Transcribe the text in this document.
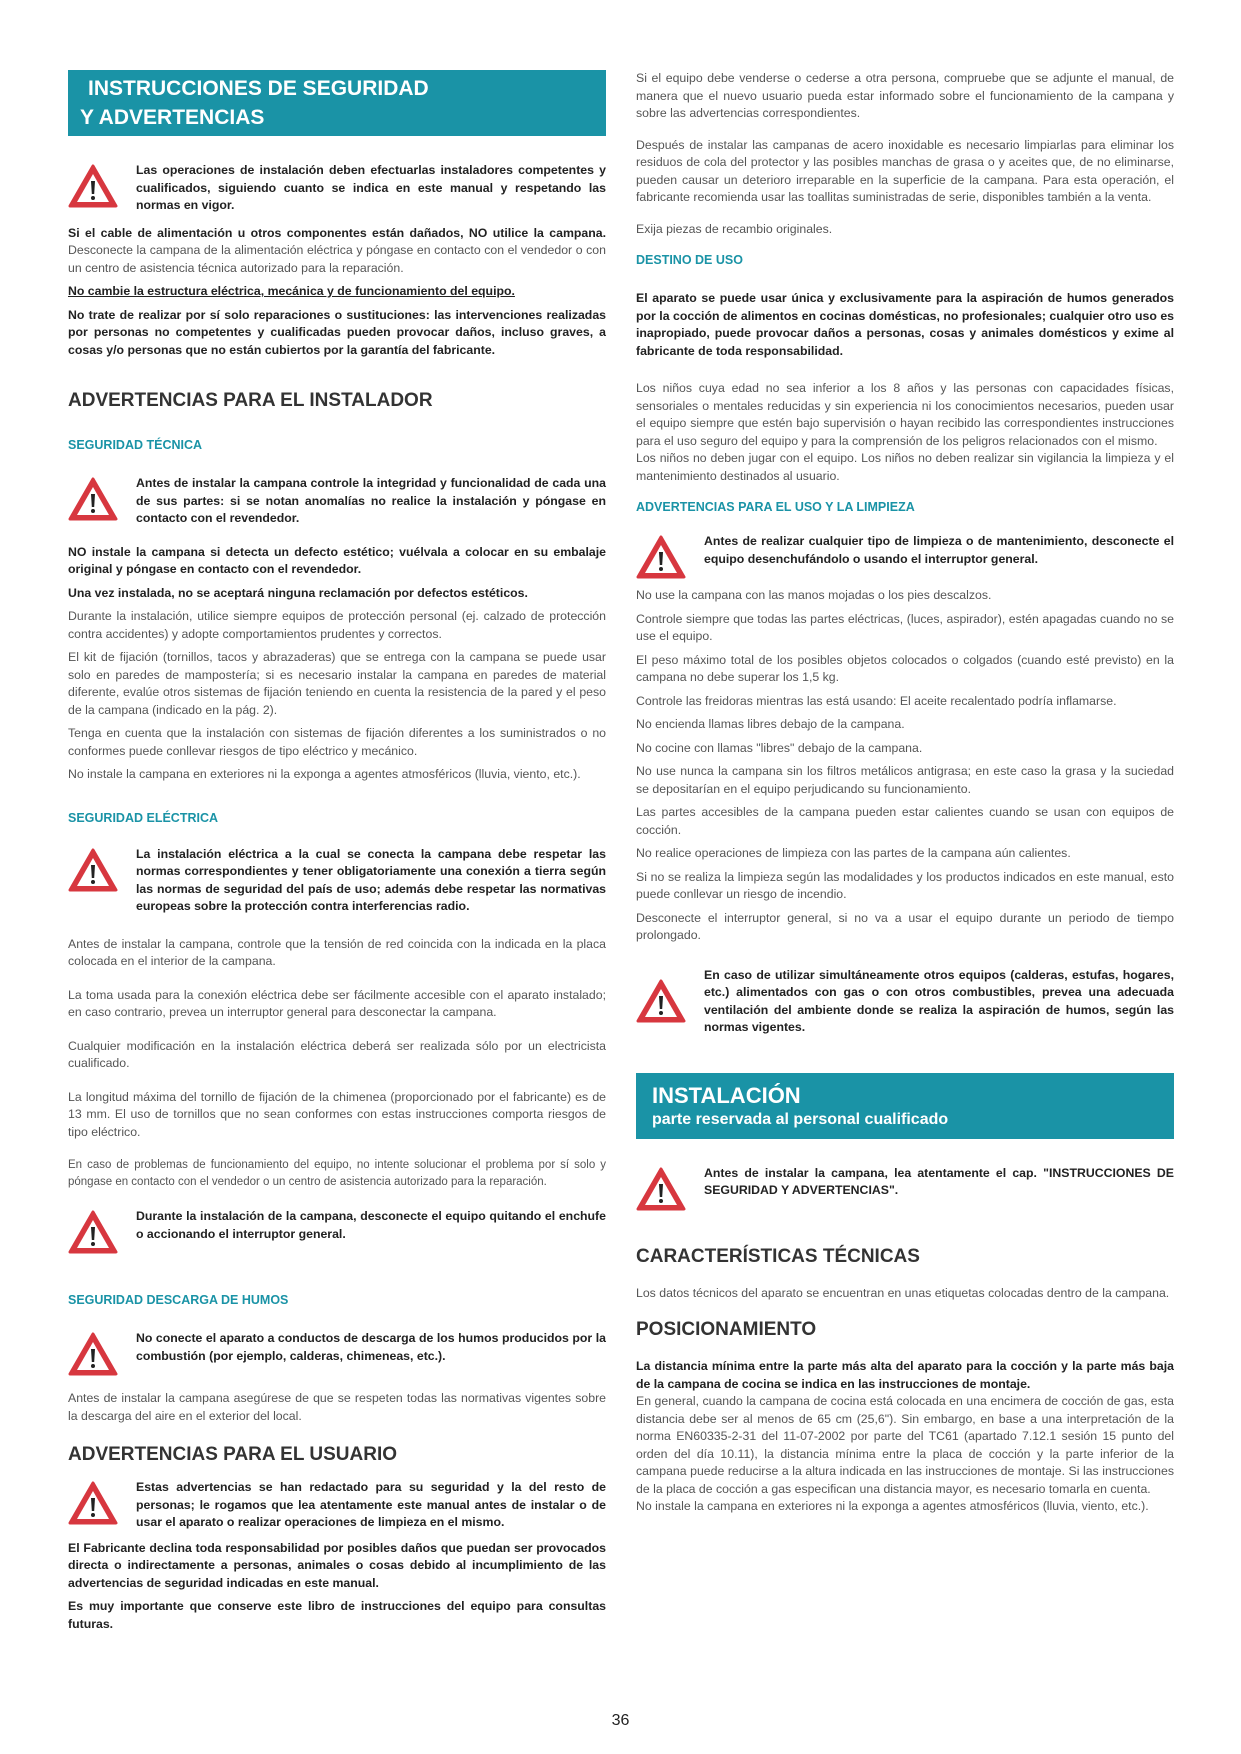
INSTRUCCIONES DE SEGURIDAD
Y ADVERTENCIAS

Las operaciones de instalación deben efectuarlas instaladores competentes y cualificados, siguiendo cuanto se indica en este manual y respetando las normas en vigor.

Si el cable de alimentación u otros componentes están dañados, NO utilice la campana. Desconecte la campana de la alimentación eléctrica y póngase en contacto con el vendedor o con un centro de asistencia técnica autorizado para la reparación.

No cambie la estructura eléctrica, mecánica y de funcionamiento del equipo.

No trate de realizar por sí solo reparaciones o sustituciones: las intervenciones realizadas por personas no competentes y cualificadas pueden provocar daños, incluso graves, a cosas y/o personas que no están cubiertos por la garantía del fabricante.

ADVERTENCIAS PARA EL INSTALADOR
SEGURIDAD TÉCNICA

Antes de instalar la campana controle la integridad y funcionalidad de cada una de sus partes: si se notan anomalías no realice la instalación y póngase en contacto con el revendedor.

NO instale la campana si detecta un defecto estético; vuélvala a colocar en su embalaje original y póngase en contacto con el revendedor.

Una vez instalada, no se aceptará ninguna reclamación por defectos estéticos.

Durante la instalación, utilice siempre equipos de protección personal (ej. calzado de protección contra accidentes) y adopte comportamientos prudentes y correctos.

El kit de fijación (tornillos, tacos y abrazaderas) que se entrega con la campana se puede usar solo en paredes de mampostería; si es necesario instalar la campana en paredes de material diferente, evalúe otros sistemas de fijación teniendo en cuenta la resistencia de la pared y el peso de la campana (indicado en la pág. 2).

Tenga en cuenta que la instalación con sistemas de fijación diferentes a los suministrados o no conformes puede conllevar riesgos de tipo eléctrico y mecánico.

No instale la campana en exteriores ni la exponga a agentes atmosféricos (lluvia, viento, etc.).

SEGURIDAD ELÉCTRICA

La instalación eléctrica a la cual se conecta la campana debe respetar las normas correspondientes y tener obligatoriamente una conexión a tierra según las normas de seguridad del país de uso; además debe respetar las normativas europeas sobre la protección contra interferencias radio.

Antes de instalar la campana, controle que la tensión de red coincida con la indicada en la placa colocada en el interior de la campana.

La toma usada para la conexión eléctrica debe ser fácilmente accesible con el aparato instalado; en caso contrario, prevea un interruptor general para desconectar la campana.

Cualquier modificación en la instalación eléctrica deberá ser realizada sólo por un electricista cualificado.

La longitud máxima del tornillo de fijación de la chimenea (proporcionado por el fabricante) es de 13 mm. El uso de tornillos que no sean conformes con estas instrucciones comporta riesgos de tipo eléctrico.

En caso de problemas de funcionamiento del equipo, no intente solucionar el problema por sí solo y póngase en contacto con el vendedor o un centro de asistencia autorizado para la reparación.

Durante la instalación de la campana, desconecte el equipo quitando el enchufe o accionando el interruptor general.

SEGURIDAD DESCARGA DE HUMOS

No conecte el aparato a conductos de descarga de los humos producidos por la combustión (por ejemplo, calderas, chimeneas, etc.).

Antes de instalar la campana asegúrese de que se respeten todas las normativas vigentes sobre la descarga del aire en el exterior del local.

ADVERTENCIAS PARA EL USUARIO

Estas advertencias se han redactado para su seguridad y la del resto de personas; le rogamos que lea atentamente este manual antes de instalar o de usar el aparato o realizar operaciones de limpieza en el mismo.

El Fabricante declina toda responsabilidad por posibles daños que puedan ser provocados directa o indirectamente a personas, animales o cosas debido al incumplimiento de las advertencias de seguridad indicadas en este manual.

Es muy importante que conserve este libro de instrucciones del equipo para consultas futuras.

Si el equipo debe venderse o cederse a otra persona, compruebe que se adjunte el manual, de manera que el nuevo usuario pueda estar informado sobre el funcionamiento de la campana y sobre las advertencias correspondientes.

Después de instalar las campanas de acero inoxidable es necesario limpiarlas para eliminar los residuos de cola del protector y las posibles manchas de grasa o y aceites que, de no eliminarse, pueden causar un deterioro irreparable en la superficie de la campana. Para esta operación, el fabricante recomienda usar las toallitas suministradas de serie, disponibles también a la venta.

Exija piezas de recambio originales.

DESTINO DE USO

El aparato se puede usar única y exclusivamente para la aspiración de humos generados por la cocción de alimentos en cocinas domésticas, no profesionales; cualquier otro uso es inapropiado, puede provocar daños a personas, cosas y animales domésticos y exime al fabricante de toda responsabilidad.

Los niños cuya edad no sea inferior a los 8 años y las personas con capacidades físicas, sensoriales o mentales reducidas y sin experiencia ni los conocimientos necesarios, pueden usar el equipo siempre que estén bajo supervisión o hayan recibido las correspondientes instrucciones para el uso seguro del equipo y para la comprensión de los peligros relacionados con el mismo.

Los niños no deben jugar con el equipo. Los niños no deben realizar sin vigilancia la limpieza y el mantenimiento destinados al usuario.

ADVERTENCIAS PARA EL USO Y LA LIMPIEZA

Antes de realizar cualquier tipo de limpieza o de mantenimiento, desconecte el equipo desenchufándolo o usando el interruptor general.

No use la campana con las manos mojadas o los pies descalzos.

Controle siempre que todas las partes eléctricas, (luces, aspirador), estén apagadas cuando no se use el equipo.

El peso máximo total de los posibles objetos colocados o colgados (cuando esté previsto) en la campana no debe superar los 1,5 kg.

Controle las freidoras mientras las está usando: El aceite recalentado podría inflamarse.

No encienda llamas libres debajo de la campana.

No cocine con llamas "libres" debajo de la campana.

No use nunca la campana sin los filtros metálicos antigrasa; en este caso la grasa y la suciedad se depositarían en el equipo perjudicando su funcionamiento.

Las partes accesibles de la campana pueden estar calientes cuando se usan con equipos de cocción.

No realice operaciones de limpieza con las partes de la campana aún calientes.

Si no se realiza la limpieza según las modalidades y los productos indicados en este manual, esto puede conllevar un riesgo de incendio.

Desconecte el interruptor general, si no va a usar el equipo durante un periodo de tiempo prolongado.

En caso de utilizar simultáneamente otros equipos (calderas, estufas, hogares, etc.) alimentados con gas o con otros combustibles, prevea una adecuada ventilación del ambiente donde se realiza la aspiración de humos, según las normas vigentes.

INSTALACIÓN
parte reservada al personal cualificado

Antes de instalar la campana, lea atentamente el cap. "INSTRUCCIONES DE SEGURIDAD Y ADVERTENCIAS".

CARACTERÍSTICAS TÉCNICAS

Los datos técnicos del aparato se encuentran en unas etiquetas colocadas dentro de la campana.

POSICIONAMIENTO

La distancia mínima entre la parte más alta del aparato para la cocción y la parte más baja de la campana de cocina se indica en las instrucciones de montaje.

En general, cuando la campana de cocina está colocada en una encimera de cocción de gas, esta distancia debe ser al menos de 65 cm (25,6"). Sin embargo, en base a una interpretación de la norma EN60335-2-31 del 11-07-2002 por parte del TC61 (apartado 7.12.1 sesión 15 punto del orden del día 10.11), la distancia mínima entre la placa de cocción y la parte inferior de la campana puede reducirse a la altura indicada en las instrucciones de montaje. Si las instrucciones de la placa de cocción a gas especifican una distancia mayor, es necesario tomarla en cuenta.

No instale la campana en exteriores ni la exponga a agentes atmosféricos (lluvia, viento, etc.).

36
